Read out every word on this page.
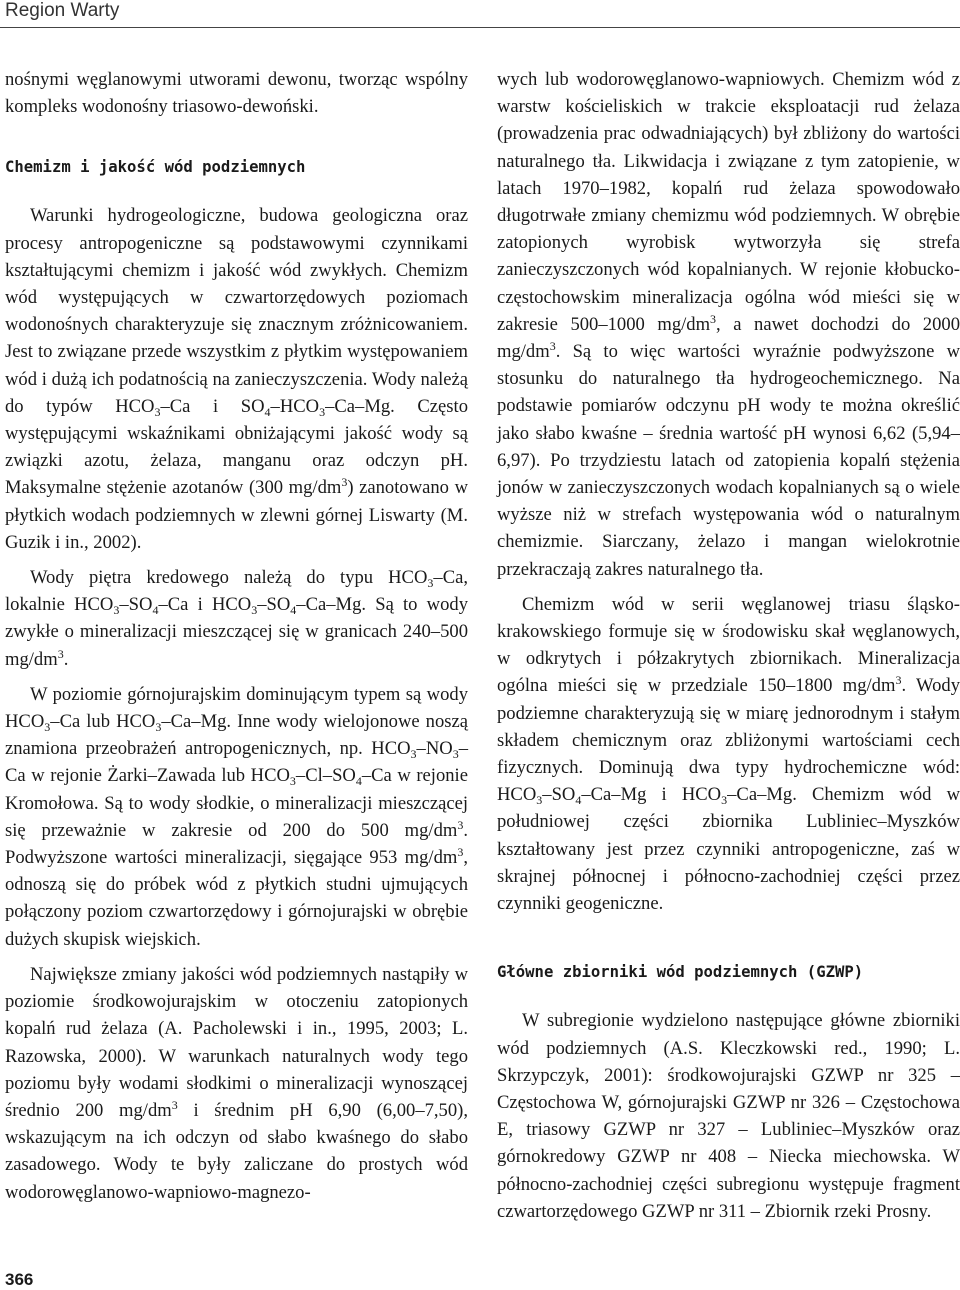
Region Warty

nośnymi węglanowymi utworami dewonu, tworząc wspólny kompleks wodonośny triasowo-dewoński.

Chemizm i jakość wód podziemnych

Warunki hydrogeologiczne, budowa geologiczna oraz procesy antropogeniczne są podstawowymi czynnikami kształtującymi chemizm i jakość wód zwykłych. Chemizm wód występujących w czwartorzędowych poziomach wodonośnych charakteryzuje się znacznym zróżnicowaniem. Jest to związane przede wszystkim z płytkim występowaniem wód i dużą ich podatnością na zanieczyszczenia. Wody należą do typów $HCO_3-Ca$ i $SO_4-HCO_3-Ca-Mg$. Często występującymi wskaźnikami obniżającymi jakość wody są związki azotu, żelaza, manganu oraz odczyn pH. Maksymalne stężenie azotanów (300 $mg/dm^3$) zanotowano w płytkich wodach podziemnych w zlewni górnej Liswarty (M. Guzik i in., 2002).

Wody piętra kredowego należą do typu $HCO_3-Ca$, lokalnie $HCO_3-SO_4-Ca$ i $HCO_3-SO_4-Ca-Mg$. Są to wody zwykłe o mineralizacji mieszczącej się w granicach 240–500 $mg/dm^3$.

W poziomie górnojurajskim dominującym typem są wody $HCO_3-Ca$ lub $HCO_3-Ca-Mg$. Inne wody wielojonowe noszą znamiona przeobrażeń antropogenicznych, np. $HCO_3-NO_3-Ca$ w rejonie Żarki–Zawada lub $HCO_3-Cl-SO_4-Ca$ w rejonie Kromołowa. Są to wody słodkie, o mineralizacji mieszczącej się przeważnie w zakresie od 200 do 500 $mg/dm^3$. Podwyższone wartości mineralizacji, sięgające 953 $mg/dm^3$, odnoszą się do próbek wód z płytkich studni ujmujących połączony poziom czwartorzędowy i górnojurajski w obrębie dużych skupisk wiejskich.

Największe zmiany jakości wód podziemnych nastąpiły w poziomie środkowojurajskim w otoczeniu zatopionych kopalń rud żelaza (A. Pacholewski i in., 1995, 2003; L. Razowska, 2000). W warunkach naturalnych wody tego poziomu były wodami słodkimi o mineralizacji wynoszącej średnio 200 $mg/dm^3$ i średnim pH 6,90 (6,00–7,50), wskazującym na ich odczyn od słabo kwaśnego do słabo zasadowego. Wody te były zaliczane do prostych wód wodorowęglanowo-wapniowo-magnezo-

wych lub wodorowęglanowo-wapniowych. Chemizm wód z warstw kościeliskich w trakcie eksploatacji rud żelaza (prowadzenia prac odwadniających) był zbliżony do wartości naturalnego tła. Likwidacja i związane z tym zatopienie, w latach 1970–1982, kopalń rud żelaza spowodowało długotrwałe zmiany chemizmu wód podziemnych. W obrębie zatopionych wyrobisk wytworzyła się strefa zanieczyszczonych wód kopalnianych. W rejonie kłobucko-częstochowskim mineralizacja ogólna wód mieści się w zakresie 500–1000 $mg/dm^3$, a nawet dochodzi do 2000 $mg/dm^3$. Są to więc wartości wyraźnie podwyższone w stosunku do naturalnego tła hydrogeochemicznego. Na podstawie pomiarów odczynu pH wody te można określić jako słabo kwaśne – średnia wartość pH wynosi 6,62 (5,94–6,97). Po trzydziestu latach od zatopienia kopalń stężenia jonów w zanieczyszczonych wodach kopalnianych są o wiele wyższe niż w strefach występowania wód o naturalnym chemizmie. Siarczany, żelazo i mangan wielokrotnie przekraczają zakres naturalnego tła.

Chemizm wód w serii węglanowej triasu śląsko-krakowskiego formuje się w środowisku skał węglanowych, w odkrytych i półzakrytych zbiornikach. Mineralizacja ogólna mieści się w przedziale 150–1800 $mg/dm^3$. Wody podziemne charakteryzują się w miarę jednorodnym i stałym składem chemicznym oraz zbliżonymi wartościami cech fizycznych. Dominują dwa typy hydrochemiczne wód: $HCO_3-SO_4-Ca-Mg$ i $HCO_3-Ca-Mg$. Chemizm wód w południowej części zbiornika Lubliniec–Myszków kształtowany jest przez czynniki antropogeniczne, zaś w skrajnej północnej i północno-zachodniej części przez czynniki geogeniczne.

Główne zbiorniki wód podziemnych (GZWP)

W subregionie wydzielono następujące główne zbiorniki wód podziemnych (A.S. Kleczkowski red., 1990; L. Skrzypczyk, 2001): środkowojurajski GZWP nr 325 – Częstochowa W, górnojurajski GZWP nr 326 – Częstochowa E, triasowy GZWP nr 327 – Lubliniec–Myszków oraz górnokredowy GZWP nr 408 – Niecka miechowska. W północno-zachodniej części subregionu występuje fragment czwartorzędowego GZWP nr 311 – Zbiornik rzeki Prosny.

366
